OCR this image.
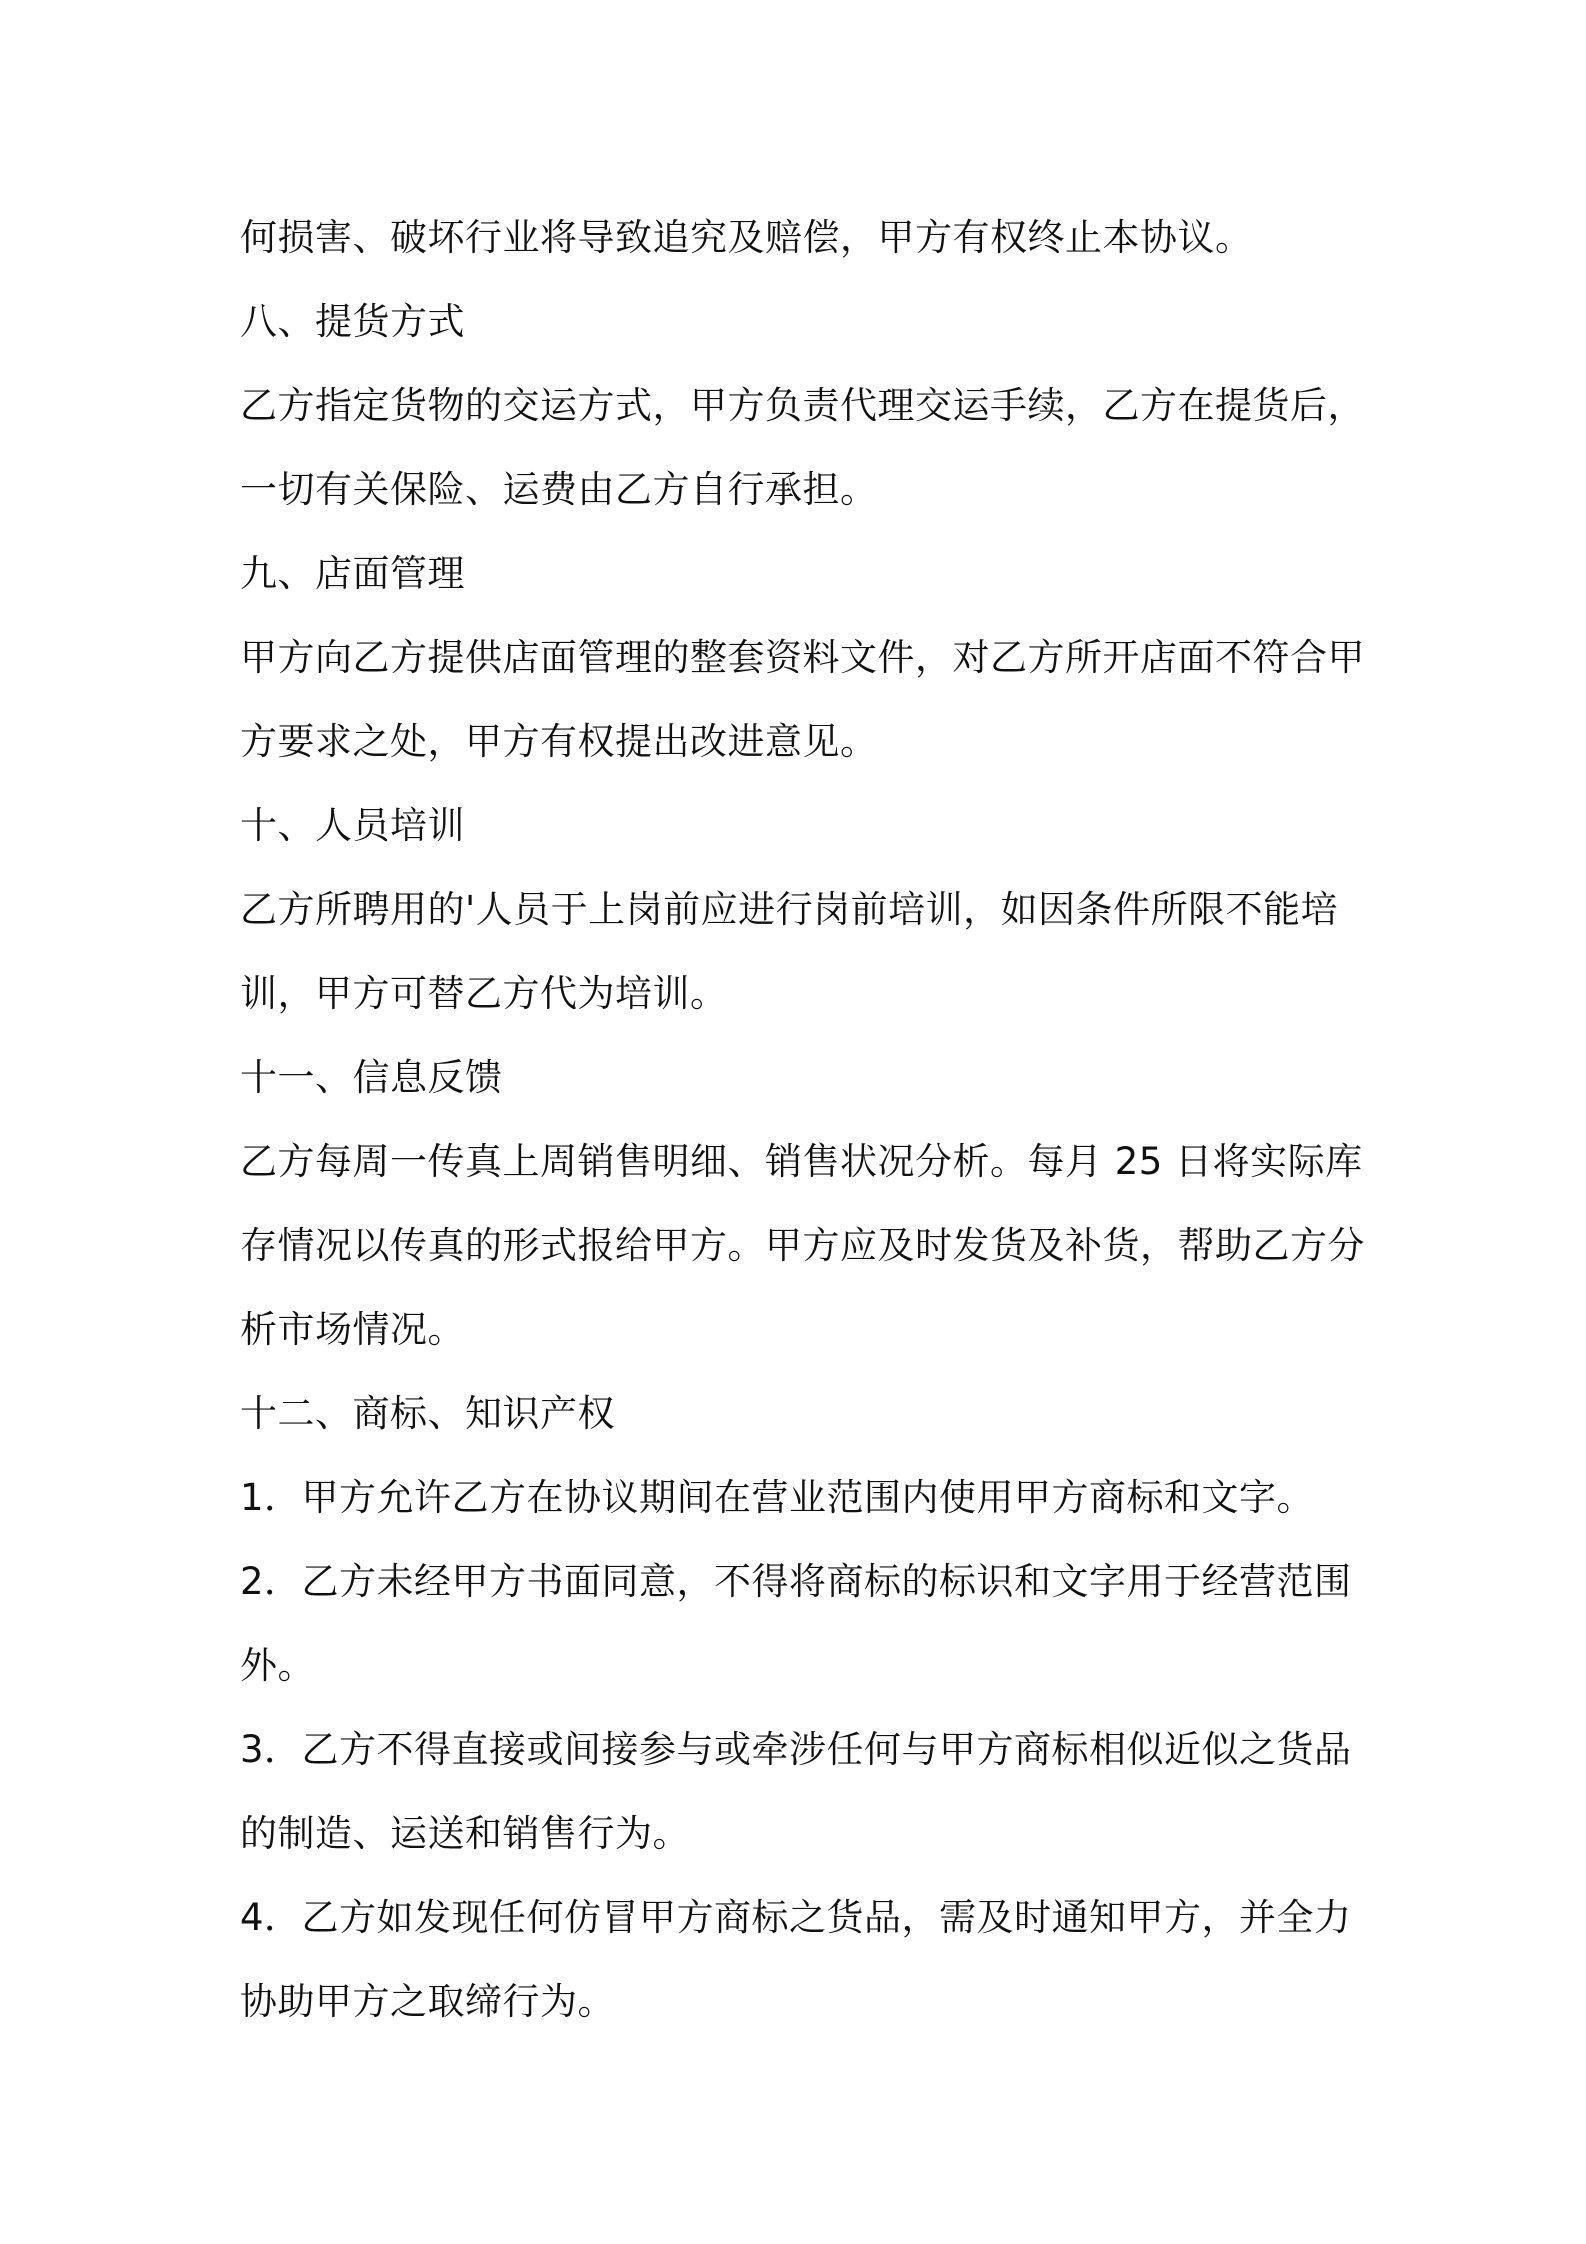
何损害、破坏行业将导致追究及赔偿，甲方有权终止本协议。
八、提货方式
乙方指定货物的交运方式，甲方负责代理交运手续，乙方在提货后，
一切有关保险、运费由乙方自行承担。
九、店面管理
甲方向乙方提供店面管理的整套资料文件，对乙方所开店面不符合甲
方要求之处，甲方有权提出改进意见。
十、人员培训
乙方所聘用的'人员于上岗前应进行岗前培训，如因条件所限不能培
训，甲方可替乙方代为培训。
十一、信息反馈
乙方每周一传真上周销售明细、销售状况分析。每月 25 日将实际库
存情况以传真的形式报给甲方。甲方应及时发货及补货，帮助乙方分
析市场情况。
十二、商标、知识产权
1．甲方允许乙方在协议期间在营业范围内使用甲方商标和文字。
2．乙方未经甲方书面同意，不得将商标的标识和文字用于经营范围
外。
3．乙方不得直接或间接参与或牵涉任何与甲方商标相似近似之货品
的制造、运送和销售行为。
4．乙方如发现任何仿冒甲方商标之货品，需及时通知甲方，并全力
协助甲方之取缔行为。
